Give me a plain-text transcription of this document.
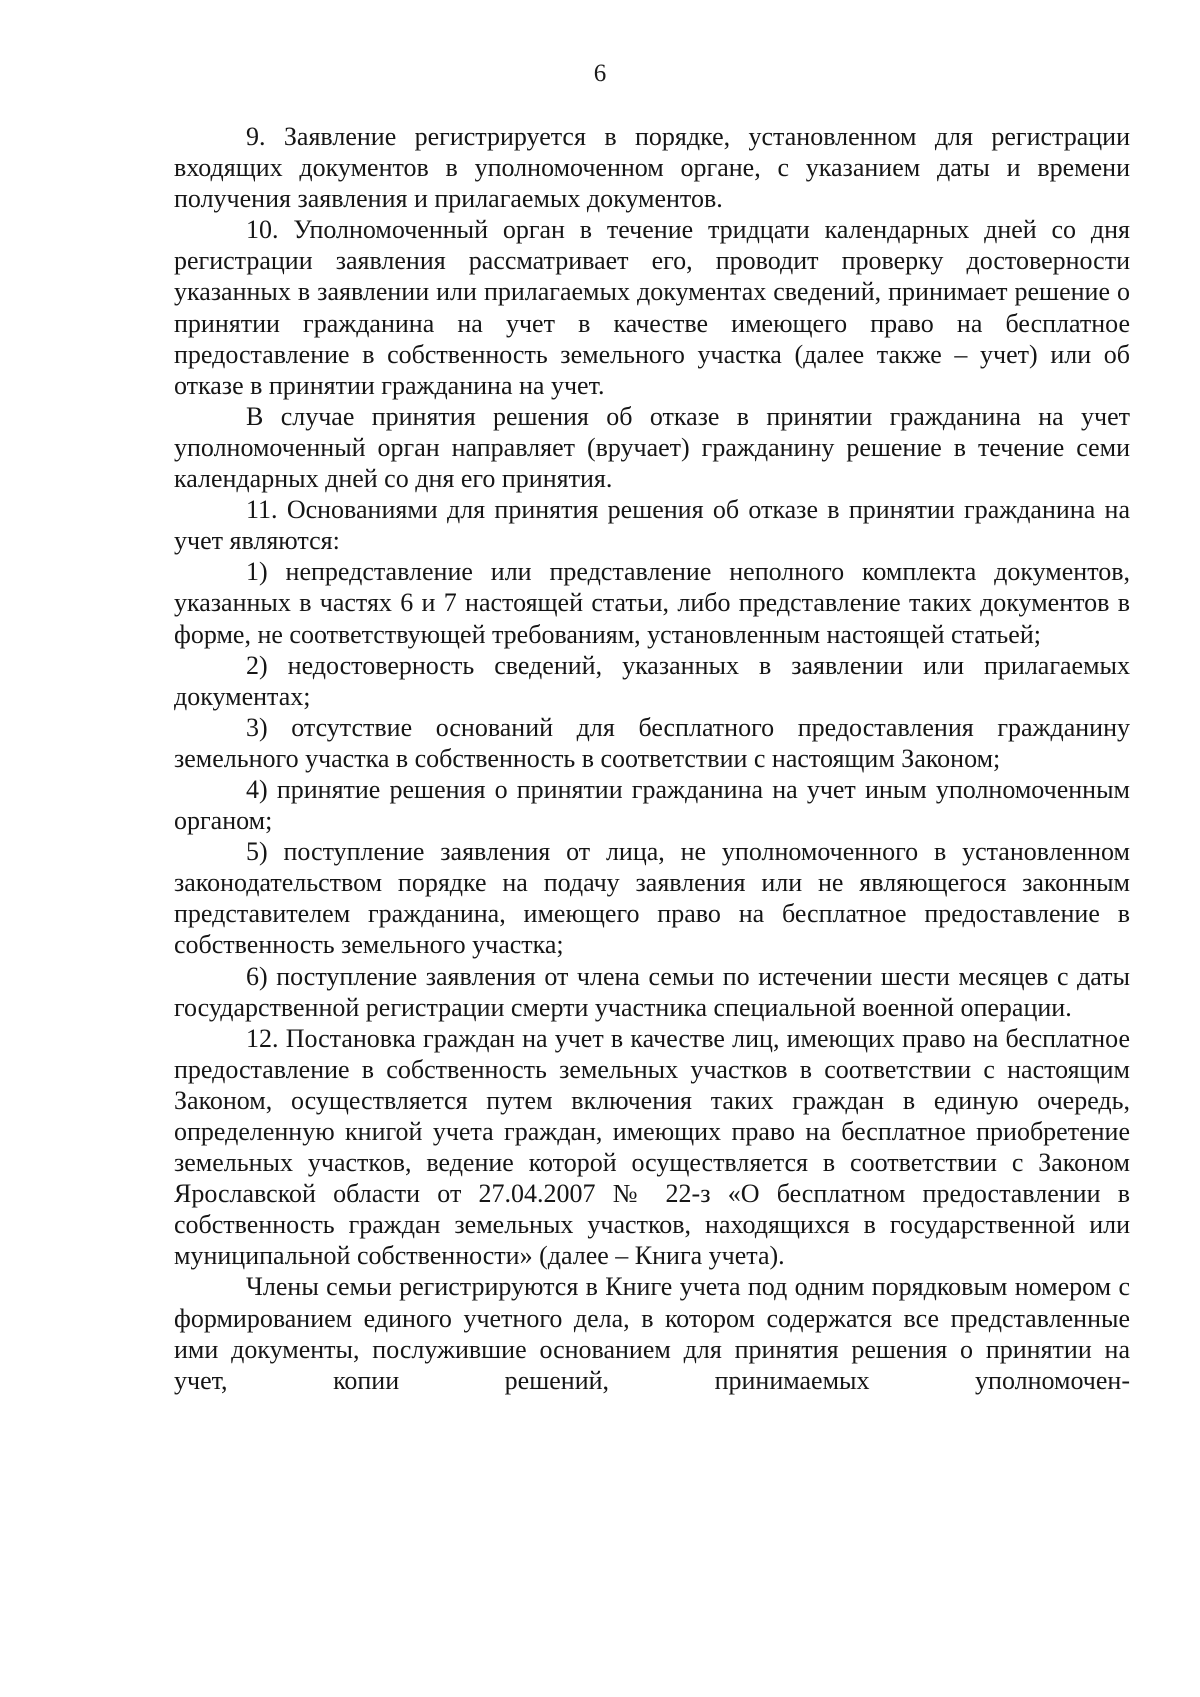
6

9. Заявление регистрируется в порядке, установленном для регистрации входящих документов в уполномоченном органе, с указанием даты и времени получения заявления и прилагаемых документов.

10. Уполномоченный орган в течение тридцати календарных дней со дня регистрации заявления рассматривает его, проводит проверку достоверности указанных в заявлении или прилагаемых документах сведений, принимает решение о принятии гражданина на учет в качестве имеющего право на бесплатное предоставление в собственность земельного участка (далее также – учет) или об отказе в принятии гражданина на учет.

В случае принятия решения об отказе в принятии гражданина на учет уполномоченный орган направляет (вручает) гражданину решение в течение семи календарных дней со дня его принятия.

11. Основаниями для принятия решения об отказе в принятии гражданина на учет являются:

1) непредставление или представление неполного комплекта документов, указанных в частях 6 и 7 настоящей статьи, либо представление таких документов в форме, не соответствующей требованиям, установленным настоящей статьей;

2) недостоверность сведений, указанных в заявлении или прилагаемых документах;

3) отсутствие оснований для бесплатного предоставления гражданину земельного участка в собственность в соответствии с настоящим Законом;

4) принятие решения о принятии гражданина на учет иным уполномоченным органом;

5) поступление заявления от лица, не уполномоченного в установленном законодательством порядке на подачу заявления или не являющегося законным представителем гражданина, имеющего право на бесплатное предоставление в собственность земельного участка;

6) поступление заявления от члена семьи по истечении шести месяцев с даты государственной регистрации смерти участника специальной военной операции.

12. Постановка граждан на учет в качестве лиц, имеющих право на бесплатное предоставление в собственность земельных участков в соответствии с настоящим Законом, осуществляется путем включения таких граждан в единую очередь, определенную книгой учета граждан, имеющих право на бесплатное приобретение земельных участков, ведение которой осуществляется в соответствии с Законом Ярославской области от 27.04.2007 № 22-з «О бесплатном предоставлении в собственность граждан земельных участков, находящихся в государственной или муниципальной собственности» (далее – Книга учета).

Члены семьи регистрируются в Книге учета под одним порядковым номером с формированием единого учетного дела, в котором содержатся все представленные ими документы, послужившие основанием для принятия решения о принятии на учет, копии решений, принимаемых уполномочен-
